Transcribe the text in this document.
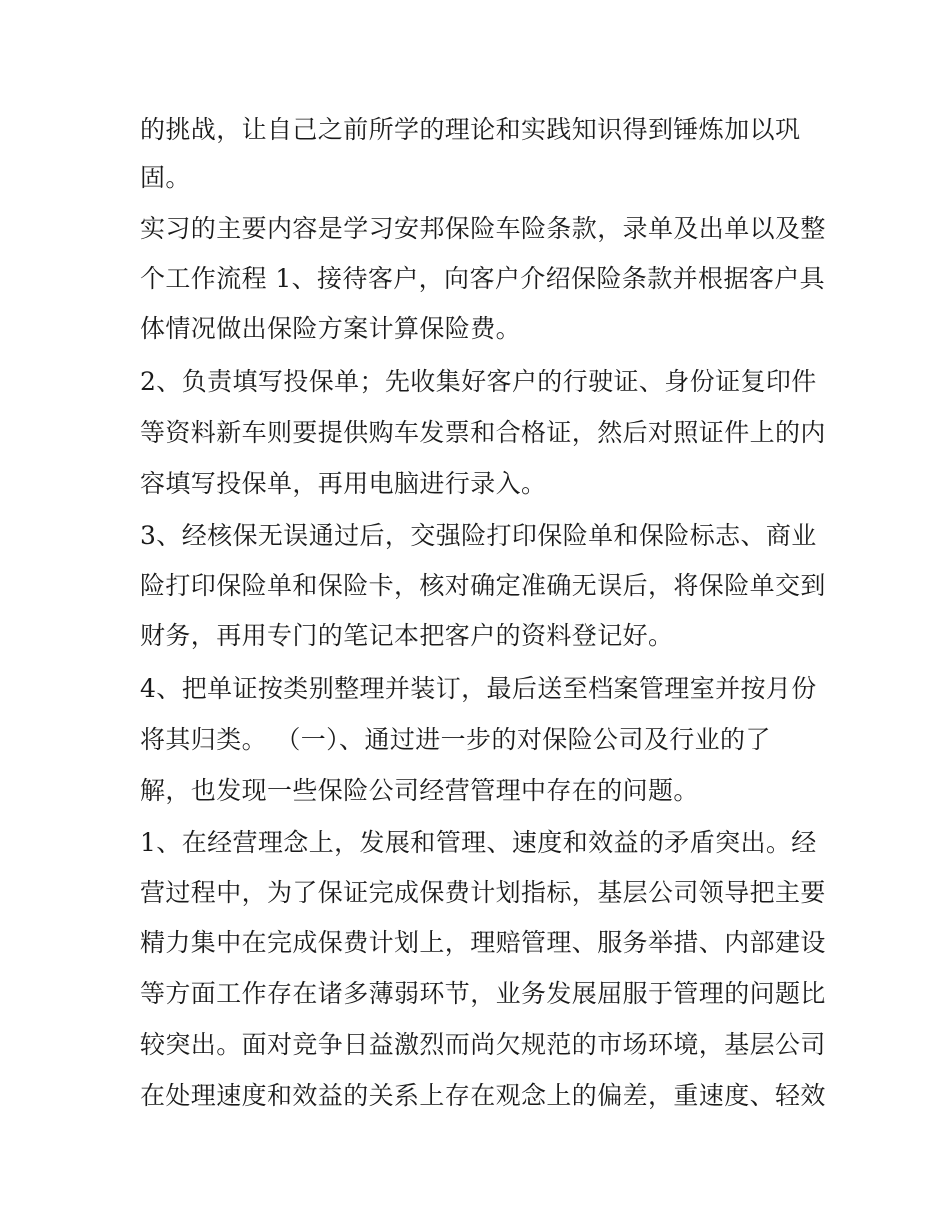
的挑战，让自己之前所学的理论和实践知识得到锤炼加以巩
固。
实习的主要内容是学习安邦保险车险条款，录单及出单以及整
个工作流程 1、接待客户，向客户介绍保险条款并根据客户具
体情况做出保险方案计算保险费。
2、负责填写投保单；先收集好客户的行驶证、身份证复印件
等资料新车则要提供购车发票和合格证，然后对照证件上的内
容填写投保单，再用电脑进行录入。
3、经核保无误通过后，交强险打印保险单和保险标志、商业
险打印保险单和保险卡，核对确定准确无误后，将保险单交到
财务，再用专门的笔记本把客户的资料登记好。
4、把单证按类别整理并装订，最后送至档案管理室并按月份
将其归类。 （一）、通过进一步的对保险公司及行业的了
解，也发现一些保险公司经营管理中存在的问题。
1、在经营理念上，发展和管理、速度和效益的矛盾突出。经
营过程中，为了保证完成保费计划指标，基层公司领导把主要
精力集中在完成保费计划上，理赔管理、服务举措、内部建设
等方面工作存在诸多薄弱环节，业务发展屈服于管理的问题比
较突出。面对竞争日益激烈而尚欠规范的市场环境，基层公司
在处理速度和效益的关系上存在观念上的偏差，重速度、轻效
